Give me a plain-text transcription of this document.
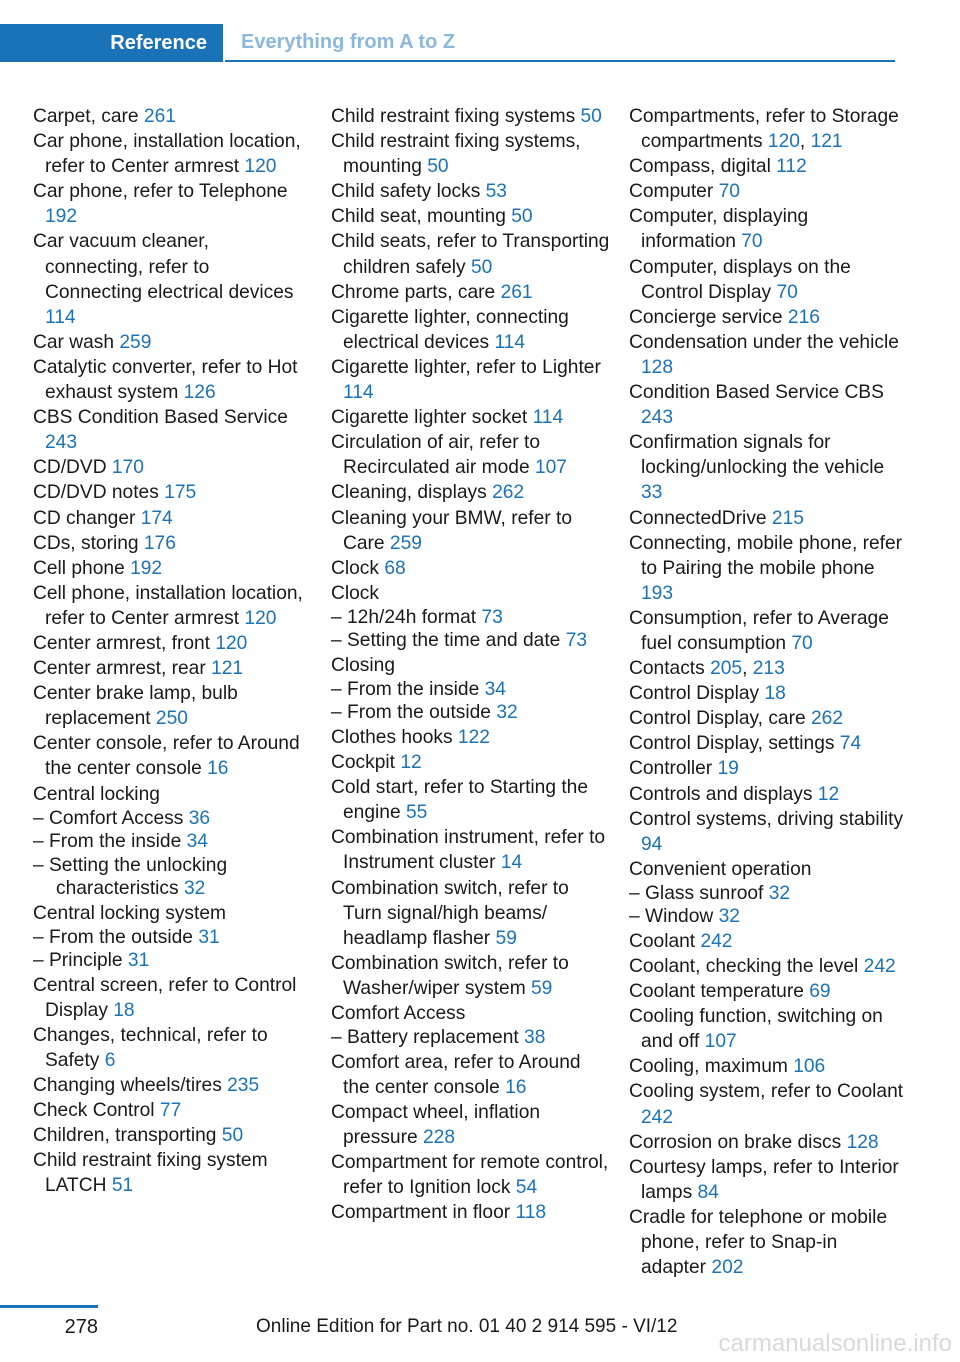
Reference	Everything from A to Z
Carpet, care 261
Car phone, installation location, refer to Center armrest 120
Car phone, refer to Telephone 192
Car vacuum cleaner, connecting, refer to Connecting electrical devices 114
Car wash 259
Catalytic converter, refer to Hot exhaust system 126
CBS Condition Based Service 243
CD/DVD 170
CD/DVD notes 175
CD changer 174
CDs, storing 176
Cell phone 192
Cell phone, installation location, refer to Center armrest 120
Center armrest, front 120
Center armrest, rear 121
Center brake lamp, bulb replacement 250
Center console, refer to Around the center console 16
Central locking
– Comfort Access 36
– From the inside 34
– Setting the unlocking characteristics 32
Central locking system
– From the outside 31
– Principle 31
Central screen, refer to Control Display 18
Changes, technical, refer to Safety 6
Changing wheels/tires 235
Check Control 77
Children, transporting 50
Child restraint fixing system LATCH 51
Child restraint fixing systems 50
Child restraint fixing systems, mounting 50
Child safety locks 53
Child seat, mounting 50
Child seats, refer to Transporting children safely 50
Chrome parts, care 261
Cigarette lighter, connecting electrical devices 114
Cigarette lighter, refer to Lighter 114
Cigarette lighter socket 114
Circulation of air, refer to Recirculated air mode 107
Cleaning, displays 262
Cleaning your BMW, refer to Care 259
Clock 68
Clock
– 12h/24h format 73
– Setting the time and date 73
Closing
– From the inside 34
– From the outside 32
Clothes hooks 122
Cockpit 12
Cold start, refer to Starting the engine 55
Combination instrument, refer to Instrument cluster 14
Combination switch, refer to Turn signal/high beams/ headlamp flasher 59
Combination switch, refer to Washer/wiper system 59
Comfort Access
– Battery replacement 38
Comfort area, refer to Around the center console 16
Compact wheel, inflation pressure 228
Compartment for remote control, refer to Ignition lock 54
Compartment in floor 118
Compartments, refer to Storage compartments 120, 121
Compass, digital 112
Computer 70
Computer, displaying information 70
Computer, displays on the Control Display 70
Concierge service 216
Condensation under the vehicle 128
Condition Based Service CBS 243
Confirmation signals for locking/unlocking the vehicle 33
ConnectedDrive 215
Connecting, mobile phone, refer to Pairing the mobile phone 193
Consumption, refer to Average fuel consumption 70
Contacts 205, 213
Control Display 18
Control Display, care 262
Control Display, settings 74
Controller 19
Controls and displays 12
Control systems, driving stability 94
Convenient operation
– Glass sunroof 32
– Window 32
Coolant 242
Coolant, checking the level 242
Coolant temperature 69
Cooling function, switching on and off 107
Cooling, maximum 106
Cooling system, refer to Coolant 242
Corrosion on brake discs 128
Courtesy lamps, refer to Interior lamps 84
Cradle for telephone or mobile phone, refer to Snap-in adapter 202
278	Online Edition for Part no. 01 40 2 914 595 - VI/12
carmanualsonline.info
